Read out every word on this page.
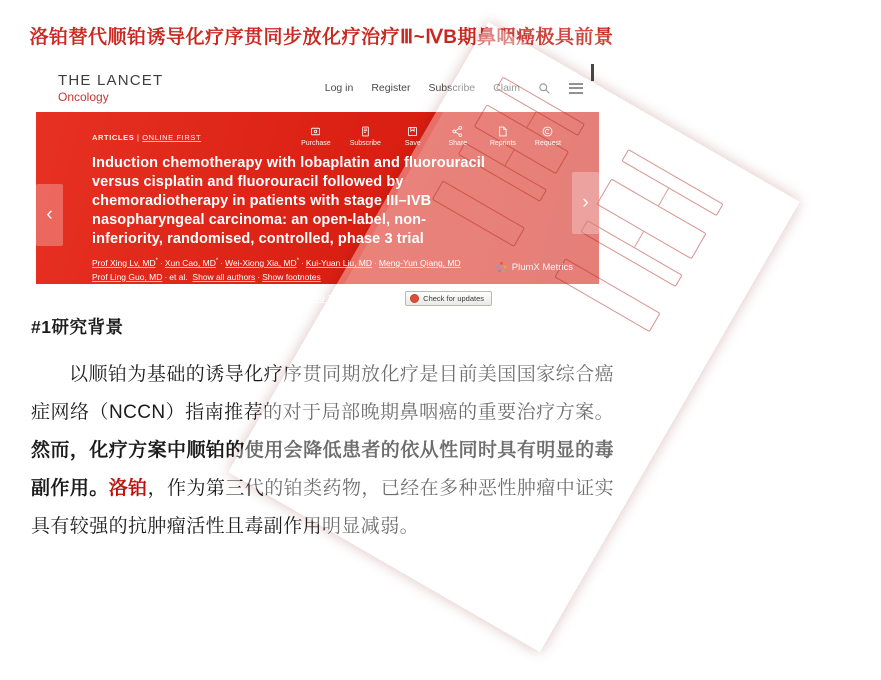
洛铂替代顺铂诱导化疗序贯同步放化疗治疗Ⅲ~ⅣB期鼻咽癌极具前景
THE LANCET
Oncology
Log in Register Subscribe Claim
ARTICLES | ONLINE FIRST
Purchase	Subscribe	Save	Share	Reprints	Request
Induction chemotherapy with lobaplatin and fluorouracil versus cisplatin and fluorouracil followed by chemoradiotherapy in patients with stage III–IVB nasopharyngeal carcinoma: an open-label, non-inferiority, randomised, controlled, phase 3 trial
Prof Xing Lv, MD* · Xun Cao, MD* · Wei-Xiong Xia, MD* · Kui-Yuan Liu, MD · Meng-Yun Qiang, MD
Prof Ling Guo, MD · et al. Show all authors · Show footnotes
Published: April 12, 2021 · DOI: https://doi.org/10.1016/S1470-2045(21)00075-9 ·	Check for updates
PlumX Metrics
‹
›
#1研究背景

以顺铂为基础的诱导化疗序贯同期放化疗是目前美国国家综合癌症网络（NCCN）指南推荐的对于局部晚期鼻咽癌的重要治疗方案。然而，化疗方案中顺铂的使用会降低患者的依从性同时具有明显的毒副作用。洛铂，作为第三代的铂类药物，已经在多种恶性肿瘤中证实具有较强的抗肿瘤活性且毒副作用明显减弱。
